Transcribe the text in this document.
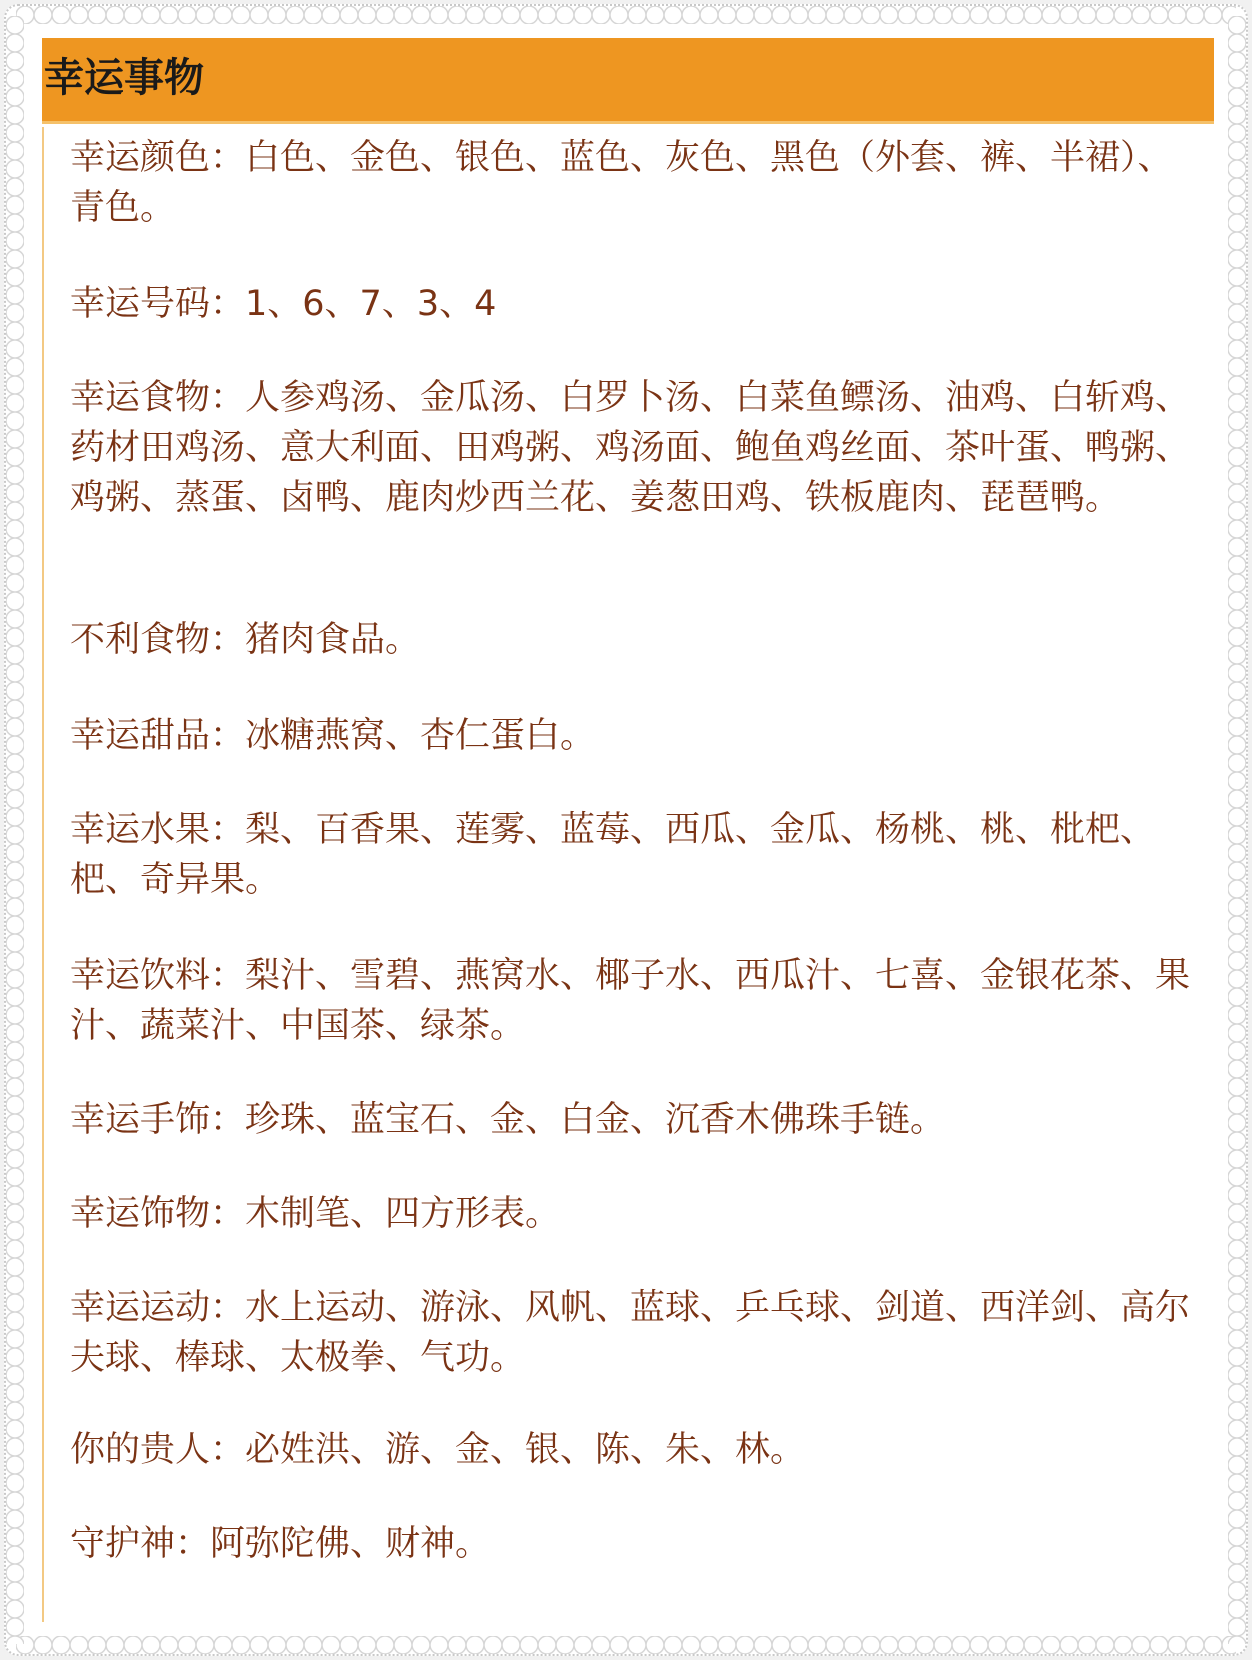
幸运事物
幸运颜色：白色、金色、银色、蓝色、灰色、黑色（外套、裤、半裙）、青色。
幸运号码：1、6、7、3、4
幸运食物：人参鸡汤、金瓜汤、白罗卜汤、白菜鱼鳔汤、油鸡、白斩鸡、药材田鸡汤、意大利面、田鸡粥、鸡汤面、鲍鱼鸡丝面、茶叶蛋、鸭粥、鸡粥、蒸蛋、卤鸭、鹿肉炒西兰花、姜葱田鸡、铁板鹿肉、琵琶鸭。
不利食物：猪肉食品。
幸运甜品：冰糖燕窝、杏仁蛋白。
幸运水果：梨、百香果、莲雾、蓝莓、西瓜、金瓜、杨桃、桃、枇杷、杷、奇异果。
幸运饮料：梨汁、雪碧、燕窝水、椰子水、西瓜汁、七喜、金银花茶、果汁、蔬菜汁、中国茶、绿茶。
幸运手饰：珍珠、蓝宝石、金、白金、沉香木佛珠手链。
幸运饰物：木制笔、四方形表。
幸运运动：水上运动、游泳、风帆、蓝球、乒乓球、剑道、西洋剑、高尔夫球、棒球、太极拳、气功。
你的贵人：必姓洪、游、金、银、陈、朱、林。
守护神：阿弥陀佛、财神。
